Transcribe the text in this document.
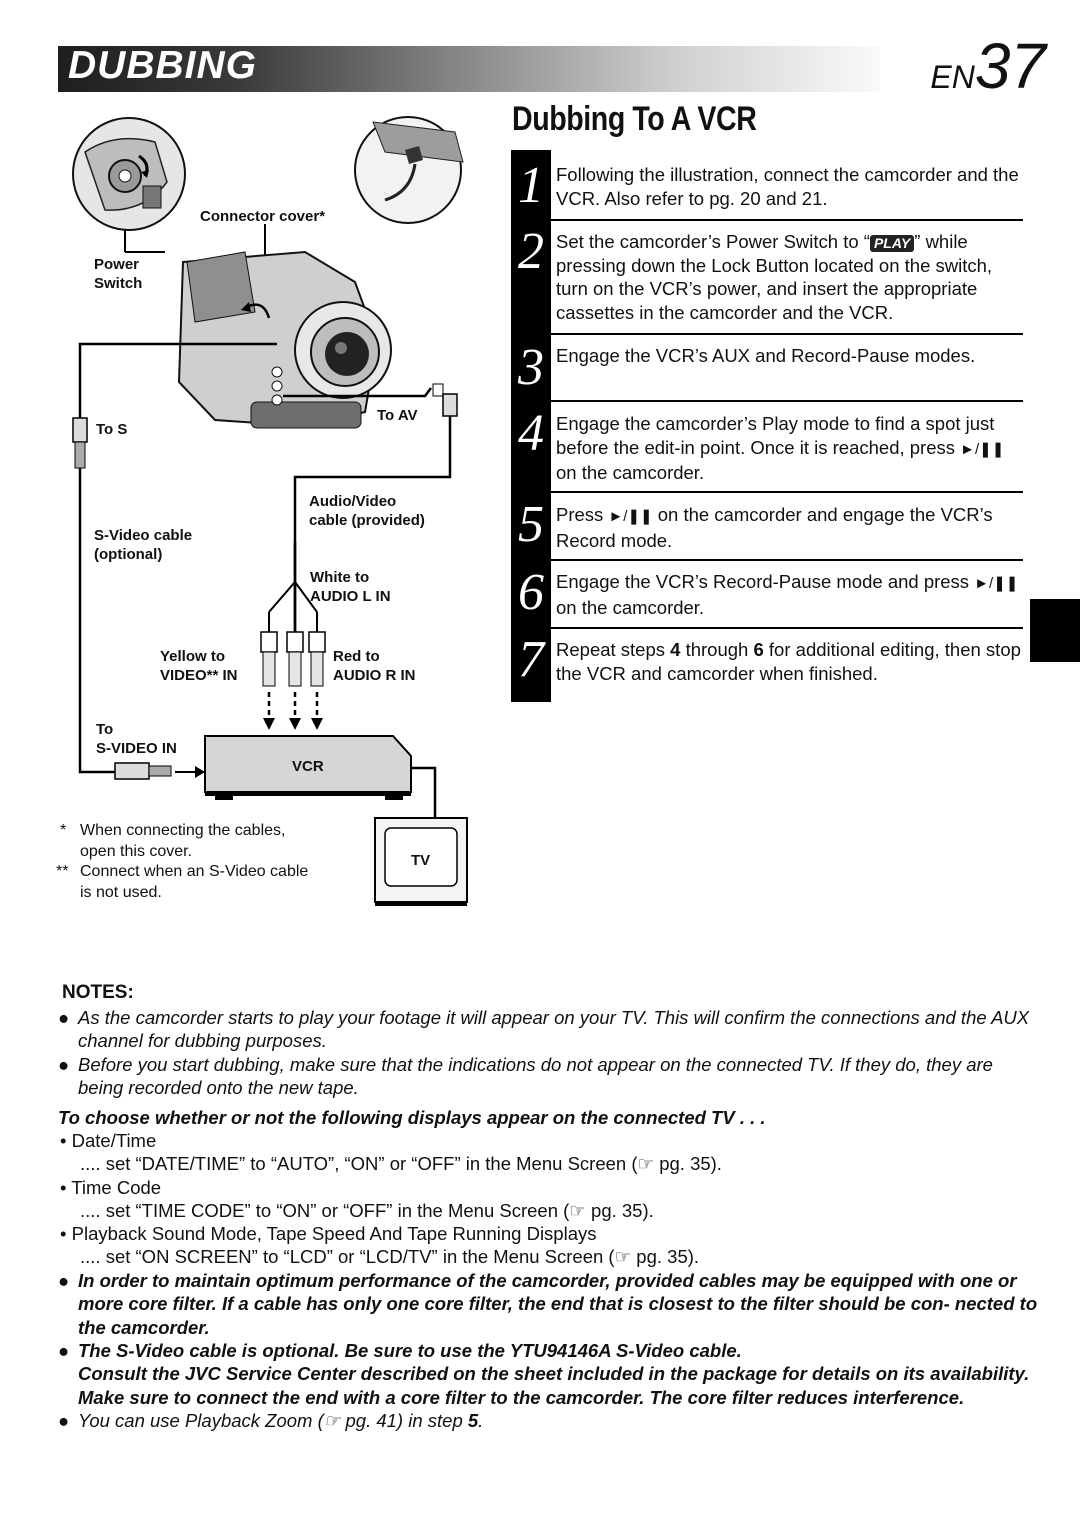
DUBBING	EN37
Dubbing To A VCR
Connector cover*
Power
Switch
To AV
To S
Audio/Video
cable (provided)
S-Video cable
(optional)
White to
AUDIO L IN
Yellow to
VIDEO** IN
Red to
AUDIO R IN
To
S-VIDEO IN
VCR
TV
* When connecting the cables,
open this cover.
** Connect when an S-Video cable
is not used.
1 Following the illustration, connect the camcorder and the VCR. Also refer to pg. 20 and 21.
2 Set the camcorder’s Power Switch to “ PLAY ” while pressing down the Lock Button located on the switch, turn on the VCR’s power, and insert the appropriate cassettes in the camcorder and the VCR.
3 Engage the VCR’s AUX and Record-Pause modes.
4 Engage the camcorder’s Play mode to find a spot just before the edit-in point. Once it is reached, press ►/❚❚ on the camcorder.
5 Press ►/❚❚ on the camcorder and engage the VCR’s Record mode.
6 Engage the VCR’s Record-Pause mode and press ►/❚❚ on the camcorder.
7 Repeat steps 4 through 6 for additional editing, then stop the VCR and camcorder when finished.
NOTES:
● As the camcorder starts to play your footage it will appear on your TV. This will confirm the connections and the AUX channel for dubbing purposes.
● Before you start dubbing, make sure that the indications do not appear on the connected TV. If they do, they are being recorded onto the new tape.
To choose whether or not the following displays appear on the connected TV . . .
• Date/Time
.... set “DATE/TIME” to “AUTO”, “ON” or “OFF” in the Menu Screen (☞ pg. 35).
• Time Code
.... set “TIME CODE” to “ON” or “OFF” in the Menu Screen (☞ pg. 35).
• Playback Sound Mode, Tape Speed And Tape Running Displays
.... set “ON SCREEN” to “LCD” or “LCD/TV” in the Menu Screen (☞ pg. 35).
● In order to maintain optimum performance of the camcorder, provided cables may be equipped with one or more core filter. If a cable has only one core filter, the end that is closest to the filter should be con- nected to the camcorder.
● The S-Video cable is optional. Be sure to use the YTU94146A S-Video cable.
Consult the JVC Service Center described on the sheet included in the package for details on its availability. Make sure to connect the end with a core filter to the camcorder. The core filter reduces interference.
● You can use Playback Zoom (☞ pg. 41) in step 5.
